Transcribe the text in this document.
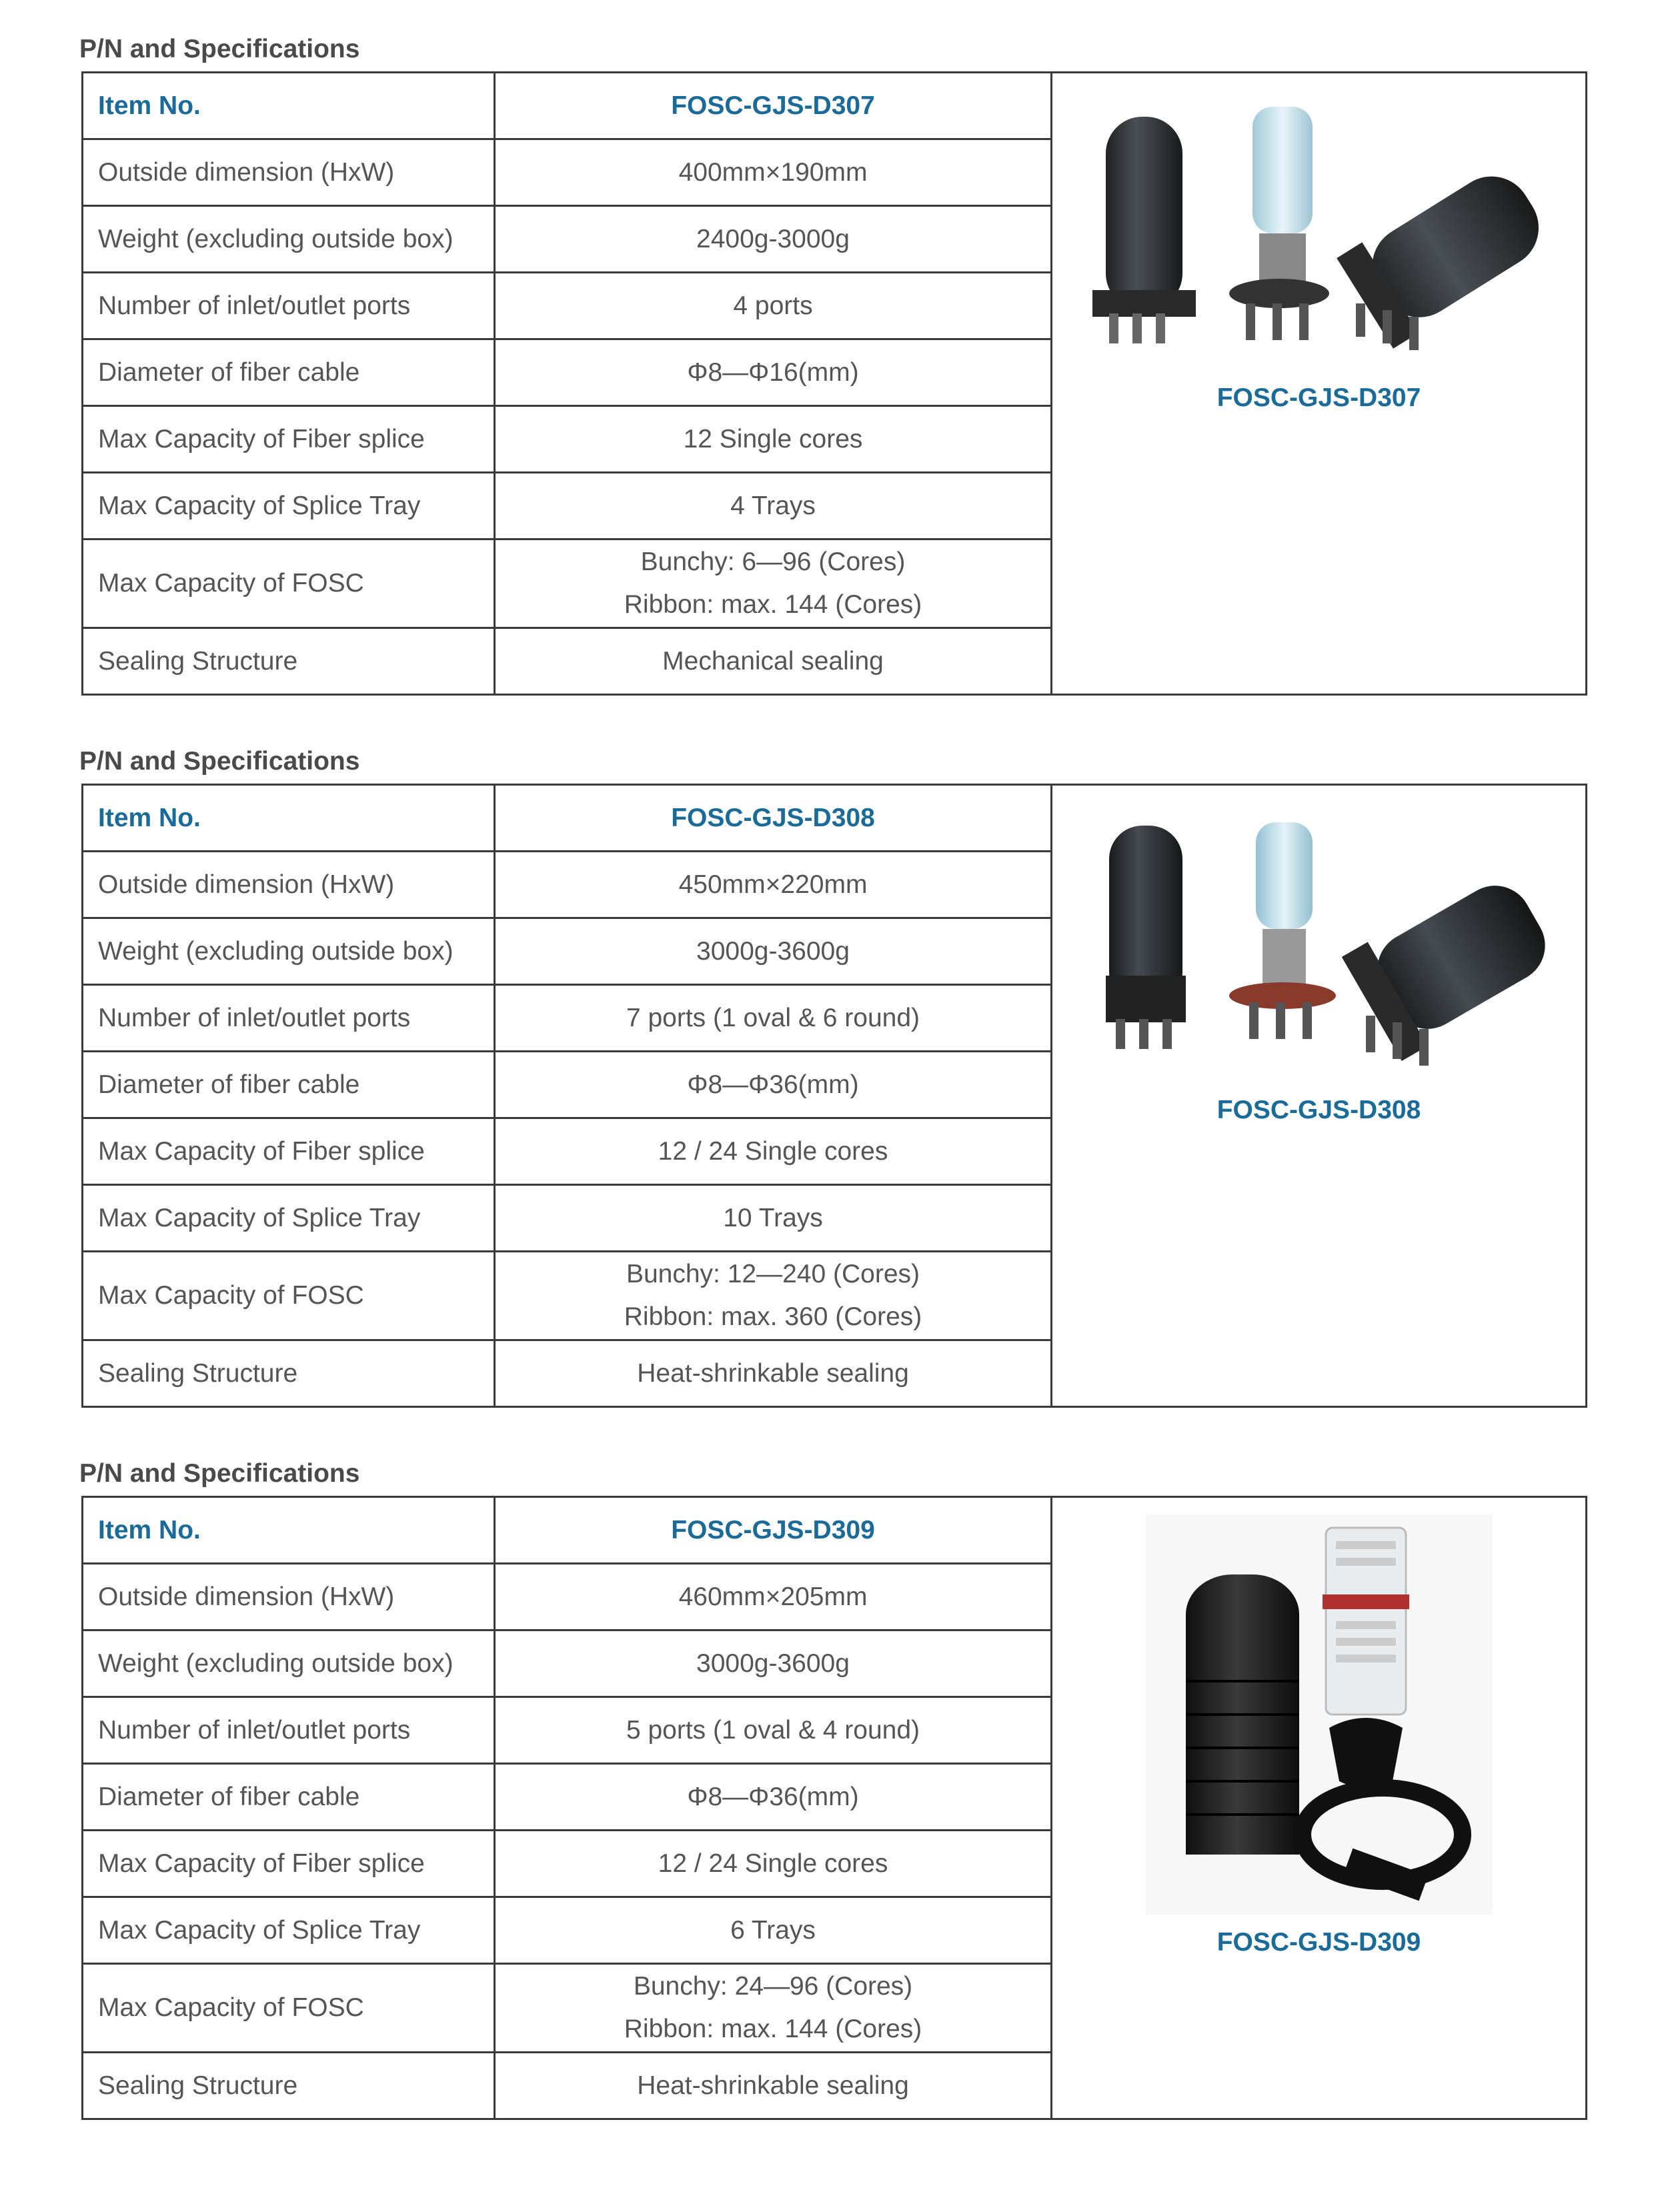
P/N and Specifications
Item No.	FOSC-GJS-D307	FOSC-GJS-D307

Outside dimension (HxW)	400mm×190mm	
Weight (excluding outside box)	2400g-3000g	
Number of inlet/outlet ports	4 ports	
Diameter of fiber cable	Φ8—Φ16(mm)	
Max Capacity of Fiber splice	12 Single cores	
Max Capacity of Splice Tray	4 Trays	
Max Capacity of FOSC	Bunchy: 6—96 (Cores)
Ribbon: max. 144 (Cores)	

Sealing Structure	Mechanical sealing	
P/N and Specifications
Item No.	FOSC-GJS-D308	FOSC-GJS-D308

Outside dimension (HxW)	450mm×220mm	
Weight (excluding outside box)	3000g-3600g	
Number of inlet/outlet ports	7 ports (1 oval & 6 round)	
Diameter of fiber cable	Φ8—Φ36(mm)	
Max Capacity of Fiber splice	12 / 24 Single cores	
Max Capacity of Splice Tray	10 Trays	
Max Capacity of FOSC	Bunchy: 12—240 (Cores)
Ribbon: max. 360 (Cores)	

Sealing Structure	Heat-shrinkable sealing	
P/N and Specifications
Item No.	FOSC-GJS-D309	FOSC-GJS-D309

Outside dimension (HxW)	460mm×205mm	
Weight (excluding outside box)	3000g-3600g	
Number of inlet/outlet ports	5 ports (1 oval & 4 round)	
Diameter of fiber cable	Φ8—Φ36(mm)	
Max Capacity of Fiber splice	12 / 24 Single cores	
Max Capacity of Splice Tray	6 Trays	
Max Capacity of FOSC	Bunchy: 24—96 (Cores)
Ribbon: max. 144 (Cores)	

Sealing Structure	Heat-shrinkable sealing	
